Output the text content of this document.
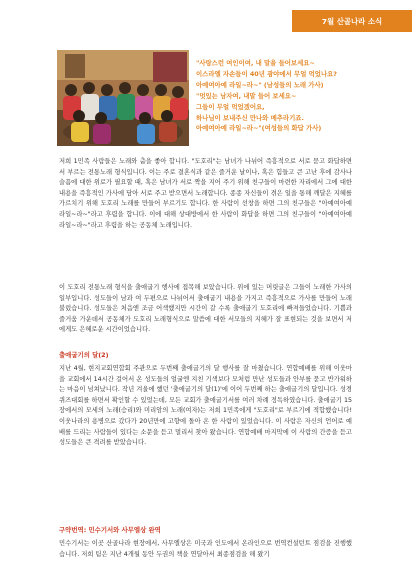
7월 산골나라 소식
"사랑스런 여인이여, 내 말을 들어보세요~
이스라엘 자손들이 40년 광야에서 무얼 먹었나요?
아예여아예 라일~라~" (남성들의 노래 가사)
"멋있는 남자여, 내말 들어 보세요~
그들이 무얼 먹었겠어요,
하나님이 보내주신 만나와 메추라기죠.
아예여아예 라일~라~"(여성들의 화답 가사)

저희 1민족 사람들은 노래와 춤을 좋아 합니다. "도호리"는 남녀가 나뉘어 즉흥적으로 서로 묻고 화답하면서 부르는 전통노래 형식입니다. 이는 주로 결혼식과 같은 즐거운 날이나, 혹은 힘들고 큰 고난 후에 감사나 슬픔에 대한 위로가 필요할 때, 혹은 남녀가 서로 짝을 지어 주기 위해 친구들이 마련한 자리에서 그에 대한 내용을 즉흥적인 가사에 담아 서로 주고 받으면서 노래합니다. 종종 자신들이 겪은 일을 통해 깨달은 지혜를 가르치기 위해 도호리 노래를 만들어 부르기도 합니다. 한 사람이 선창을 하면 그의 친구들은 "아예여아예 라일~라~"라고 후렴을 합니다. 이에 대해 상대방에서 한 사람이 화답을 하면 그의 친구들이 "아예여아예 라일~라~"라고 후렴을 하는 공동체 노래입니다.

이 도호리 전통노래 형식을 출애굽기 행사에 접목해 보았습니다. 위에 있는 머릿글은 그들이 노래한 가사의 일부입니다. 성도들이 남과 여 두편으로 나뉘어서 출애굽기 내용을 가지고 즉흥적으로 가사를 만들어 노래 불렀습니다. 성도들은 처음엔 조금 어색했지만 시간이 갈 수록 출애굽기 도호리에 빠져들었습니다. 기쁨과 즐거움 가운데서 공동체가 도호리 노래형식으로 말씀에 대한 서모들의 지혜가 잘 표현되는 것을 보면서 저에게도 은혜로운 시간이었습니다.

출애굽기의 달(2)

지난 4월, 현지교회연합회 주관으로 두번째 출애굽기의 달 행사를 잘 마쳤습니다. 연합예배를 위해 이웃마을 교회에서 14시간 걸어서 온 성도들의 얼굴엔 지친 기색보다 모처럼 만난 성도들과 안부를 묻고 반가워하는 마음이 넘쳐났니다. 작년 겨울에 했던 '출애굽기의 달(1)'에 이어 두번째 하는 출애굽기의 달입니다. 성경퀴즈대회를 하면서 확인할 수 있었는데, 모든 교회가 출애굽기서를 여러 차례 정독하였습니다. 출애굽기 15장에서의 모세의 노래(승리)와 미리암의 노래(여자)는 저희 1민족에게 "도호리"로 부르기에 적합했습니다! 이웃나라의 용병으로 갔다가 20년만에 고향에 돌아 온 한 사람이 있었습니다. 이 사람은 자신의 언어로 예배를 드리는 사람들이 있다는 소문을 듣고 멀리서 찾아 왔습니다. 연합예배 마지막에 이 사람의 간증을 듣고 성도들은 큰 격려를 받았습니다.

구약번역: 민수기서와 사무엘상 완역

민수기서는 이곳 산골나라 현장에서, 사무엘상은 미국과 인도에서 온라인으로 번역컨설턴트 점검을 진행했습니다. 저희 팀은 지난 4개월 동안 두권의 책을 연달아서 최종점검을 해 왔기
